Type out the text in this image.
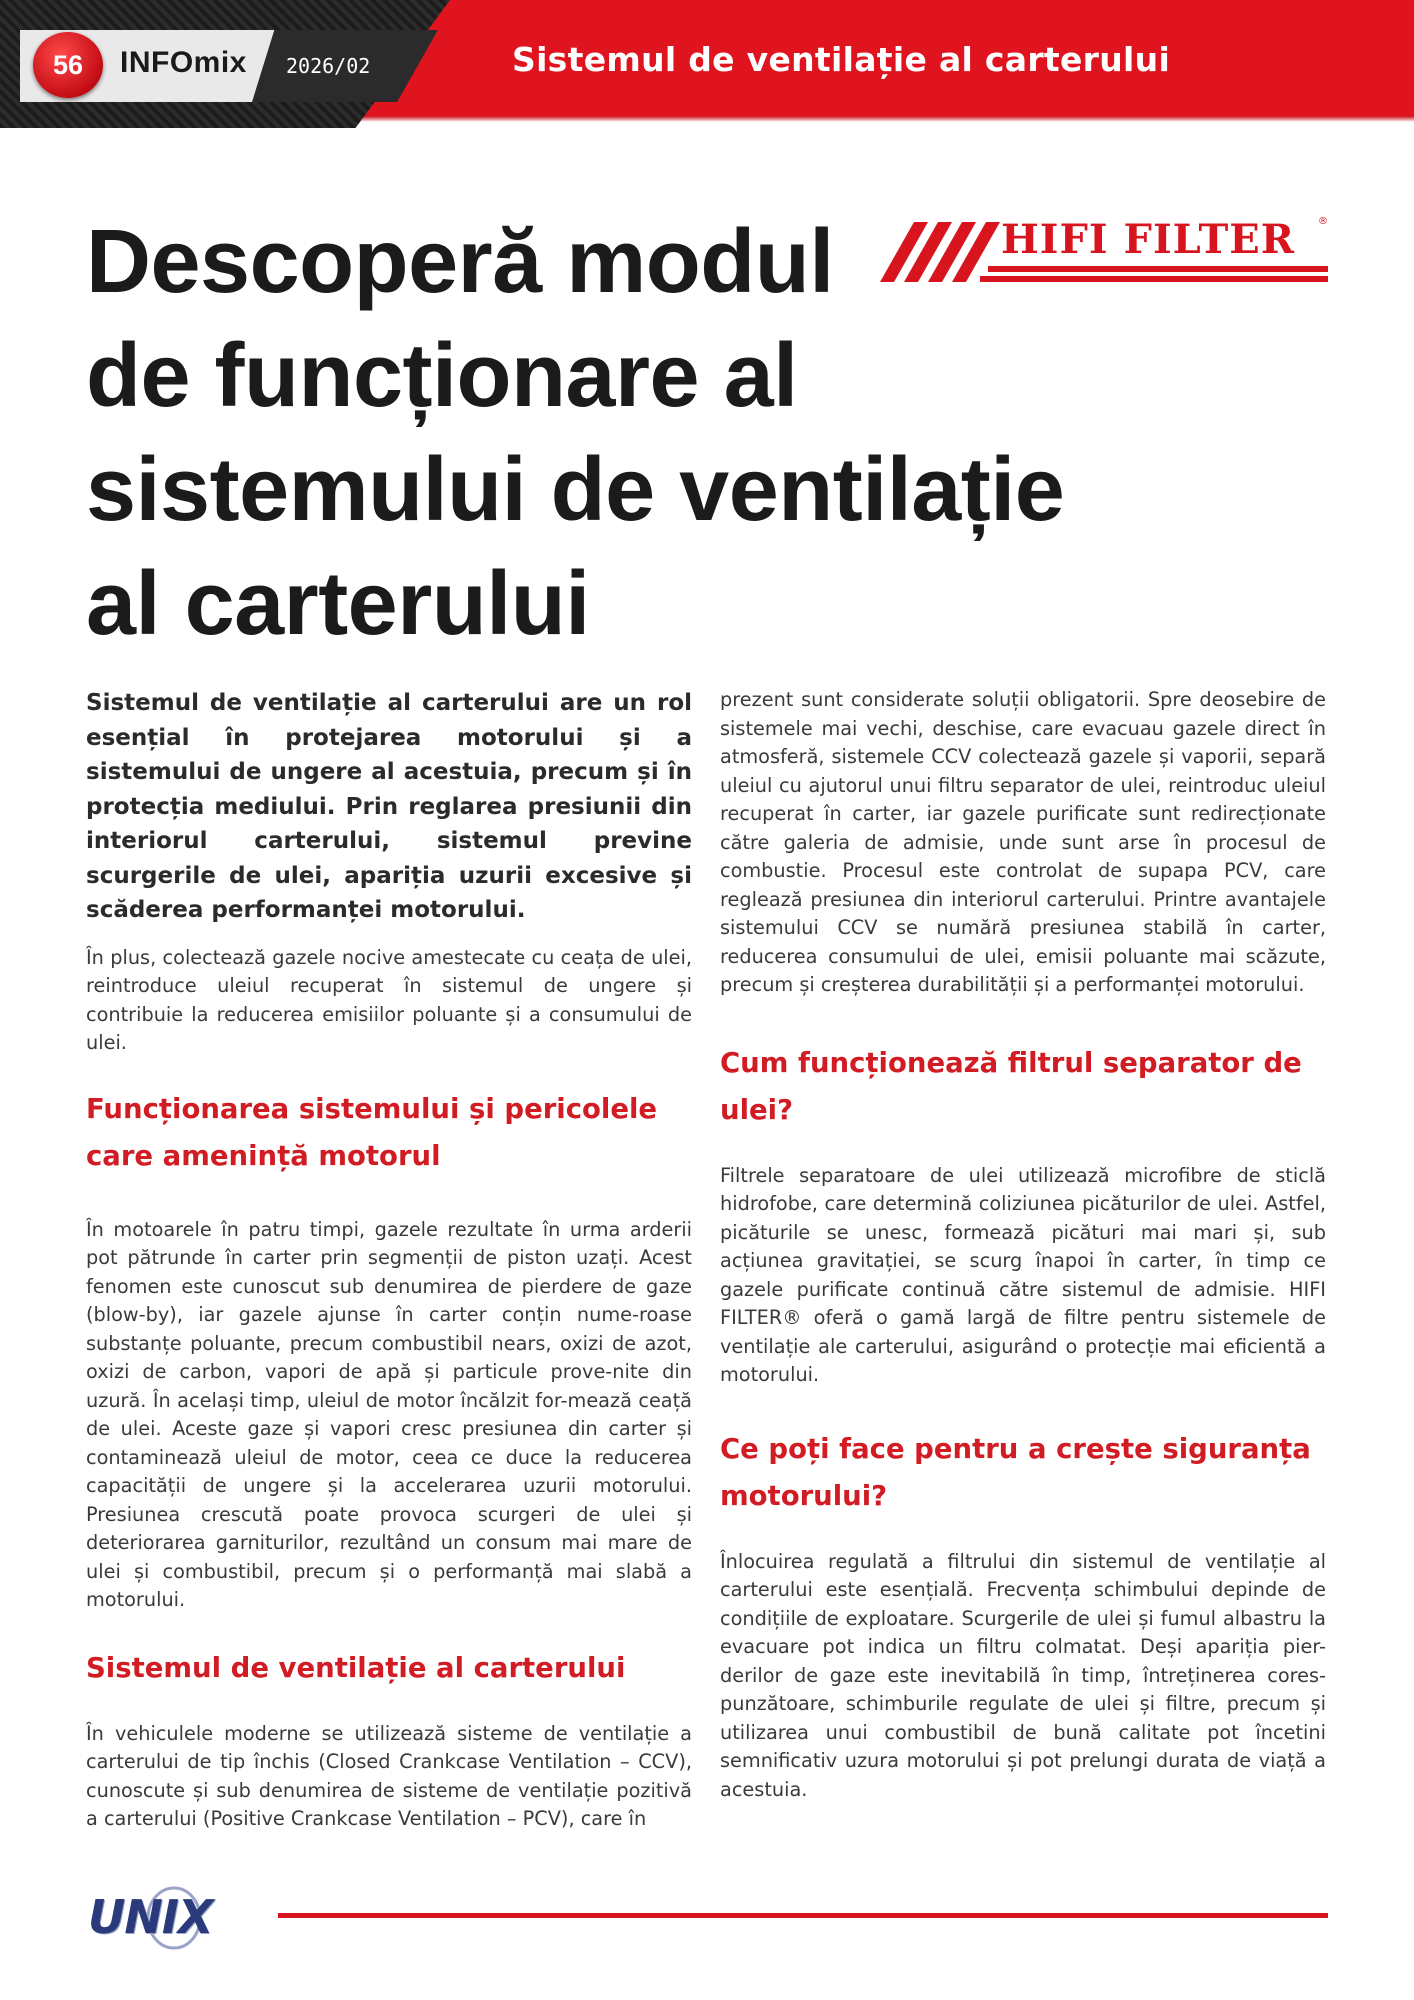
56	INFOmix 2026/02	Sistemul de ventilație al carterului
Descoperă modul
de funcționare al
sistemului de ventilație
al carterului
HIFI FILTER ®

Sistemul de ventilație al carterului are un rol esențial în protejarea motorului și a sistemului de ungere al acestuia, precum și în protecția mediului. Prin reglarea presiunii din interiorul carterului, sistemul previne scurgerile de ulei, apariția uzurii excesive și scăderea performanței motorului.

În plus, colectează gazele nocive amestecate cu ceața de ulei, reintroduce uleiul recuperat în sistemul de ungere și contribuie la reducerea emisiilor poluante și a consumului de ulei.

Funcționarea sistemului și pericolele care amenință motorul

În motoarele în patru timpi, gazele rezultate în urma arderii pot pătrunde în carter prin segmenții de piston uzați. Acest fenomen este cunoscut sub denumirea de pierdere de gaze (blow-by), iar gazele ajunse în carter conțin nume-roase substanțe poluante, precum combustibil nears, oxizi de azot, oxizi de carbon, vapori de apă și particule prove-nite din uzură. În același timp, uleiul de motor încălzit for-mează ceață de ulei. Aceste gaze și vapori cresc presiunea din carter și contaminează uleiul de motor, ceea ce duce la reducerea capacității de ungere și la accelerarea uzurii motorului. Presiunea crescută poate provoca scurgeri de ulei și deteriorarea garniturilor, rezultând un consum mai mare de ulei și combustibil, precum și o performanță mai slabă a motorului.

Sistemul de ventilație al carterului

În vehiculele moderne se utilizează sisteme de ventilație a carterului de tip închis (Closed Crankcase Ventilation – CCV), cunoscute și sub denumirea de sisteme de ventilație pozitivă a carterului (Positive Crankcase Ventilation – PCV), care în

prezent sunt considerate soluții obligatorii. Spre deosebire de sistemele mai vechi, deschise, care evacuau gazele direct în atmosferă, sistemele CCV colectează gazele și vaporii, separă uleiul cu ajutorul unui filtru separator de ulei, reintroduc uleiul recuperat în carter, iar gazele purificate sunt redirecționate către galeria de admisie, unde sunt arse în procesul de combustie. Procesul este controlat de supapa PCV, care reglează presiunea din interiorul carterului. Printre avantajele sistemului CCV se numără presiunea stabilă în carter, reducerea consumului de ulei, emisii poluante mai scăzute, precum și creșterea durabilității și a performanței motorului.

Cum funcționează filtrul separator de ulei?

Filtrele separatoare de ulei utilizează microfibre de sticlă hidrofobe, care determină coliziunea picăturilor de ulei. Astfel, picăturile se unesc, formează picături mai mari și, sub acțiunea gravitației, se scurg înapoi în carter, în timp ce gazele purificate continuă către sistemul de admisie. HIFI FILTER® oferă o gamă largă de filtre pentru sistemele de ventilație ale carterului, asigurând o protecție mai eficientă a motorului.

Ce poți face pentru a crește siguranța motorului?

Înlocuirea regulată a filtrului din sistemul de ventilație al carterului este esențială. Frecvența schimbului depinde de condițiile de exploatare. Scurgerile de ulei și fumul albastru la evacuare pot indica un filtru colmatat. Deși apariția pier-derilor de gaze este inevitabilă în timp, întreținerea cores-punzătoare, schimburile regulate de ulei și filtre, precum și utilizarea unui combustibil de bună calitate pot încetini semnificativ uzura motorului și pot prelungi durata de viață a acestuia.

UNIX
